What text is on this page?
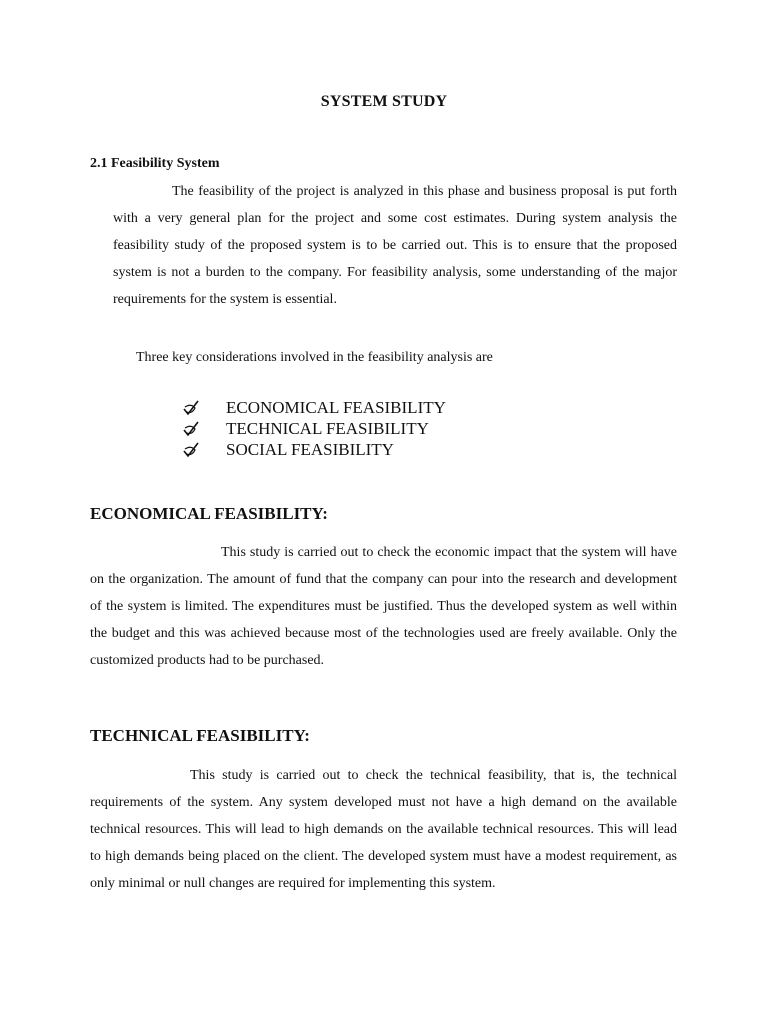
SYSTEM STUDY
2.1 Feasibility System

The feasibility of the project is analyzed in this phase and business proposal is put forth with a very general plan for the project and some cost estimates. During system analysis the feasibility study of the proposed system is to be carried out. This is to ensure that the proposed system is not a burden to the company. For feasibility analysis, some understanding of the major requirements for the system is essential.

Three key considerations involved in the feasibility analysis are
ECONOMICAL FEASIBILITY
TECHNICAL FEASIBILITY
SOCIAL FEASIBILITY
ECONOMICAL FEASIBILITY:

This study is carried out to check the economic impact that the system will have on the organization. The amount of fund that the company can pour into the research and development of the system is limited. The expenditures must be justified. Thus the developed system as well within the budget and this was achieved because most of the technologies used are freely available. Only the customized products had to be purchased.

TECHNICAL FEASIBILITY:

This study is carried out to check the technical feasibility, that is, the technical requirements of the system. Any system developed must not have a high demand on the available technical resources. This will lead to high demands on the available technical resources. This will lead to high demands being placed on the client. The developed system must have a modest requirement, as only minimal or null changes are required for implementing this system.
